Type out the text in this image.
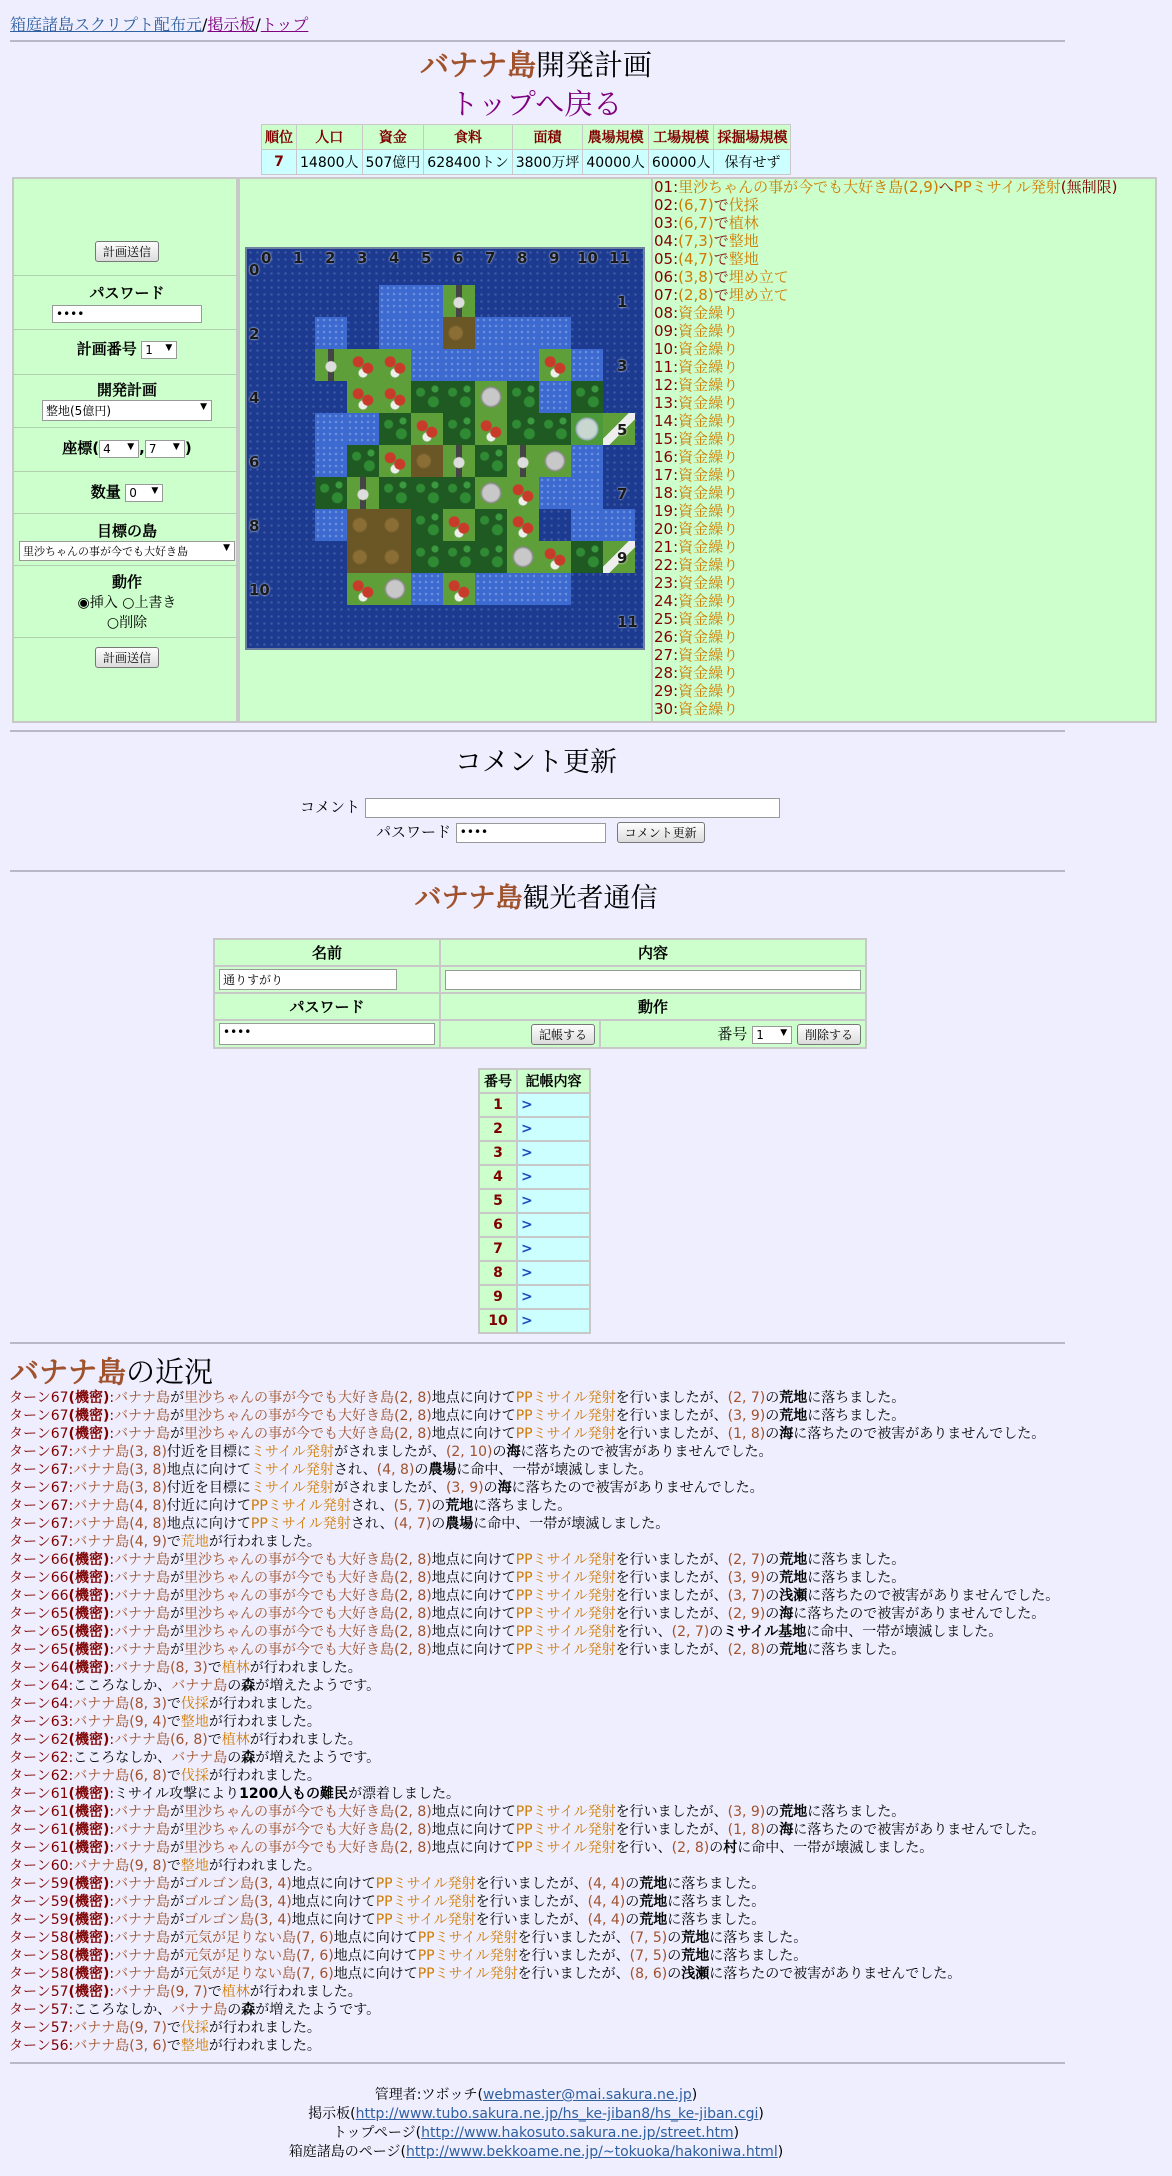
箱庭諸島スクリプト配布元/掲示板/トップ
バナナ島開発計画
トップへ戻る
順位	人口	資金	食料	面積	農場規模	工場規模	採掘場規模
7	14800人	507億円	628400トン	3800万坪	40000人	60000人	保有せず
計画送信
パスワード
••••
計画番号 1 ▼
開発計画
整地(5億円)	▼
座標( 4 ▼ , 7 ▼ )
数量 0 ▼
目標の島
里沙ちゃんの事が今でも大好き島	▼
動作
◉挿入 ○上書き
○削除
計画送信
0 1 2 3 4 5 6 7 8 9 10 11
0
1
2
3
4
5
6
7
8
9
10
11
01:里沙ちゃんの事が今でも大好き島(2,9)へPPミサイル発射(無制限)
02:(6,7)で伐採
03:(6,7)で植林
04:(7,3)で整地
05:(4,7)で整地
06:(3,8)で埋め立て
07:(2,8)で埋め立て
08:資金繰り
09:資金繰り
10:資金繰り
11:資金繰り
12:資金繰り
13:資金繰り
14:資金繰り
15:資金繰り
16:資金繰り
17:資金繰り
18:資金繰り
19:資金繰り
20:資金繰り
21:資金繰り
22:資金繰り
23:資金繰り
24:資金繰り
25:資金繰り
26:資金繰り
27:資金繰り
28:資金繰り
29:資金繰り
30:資金繰り
コメント更新
コメント
パスワード ••••	コメント更新
バナナ島観光者通信
名前	内容	
通りすがり		
パスワード	動作	
••••	記帳する	番号 1 ▼ 削除する
番号	記帳内容
1	>
2	>
3	>
4	>
5	>
6	>
7	>
8	>
9	>
10	>
バナナ島の近況
ターン67(機密):バナナ島が里沙ちゃんの事が今でも大好き島(2, 8)地点に向けてPPミサイル発射を行いましたが、(2, 7)の荒地に落ちました。
ターン67(機密):バナナ島が里沙ちゃんの事が今でも大好き島(2, 8)地点に向けてPPミサイル発射を行いましたが、(3, 9)の荒地に落ちました。
ターン67(機密):バナナ島が里沙ちゃんの事が今でも大好き島(2, 8)地点に向けてPPミサイル発射を行いましたが、(1, 8)の海に落ちたので被害がありませんでした。
ターン67:バナナ島(3, 8)付近を目標にミサイル発射がされましたが、(2, 10)の海に落ちたので被害がありませんでした。
ターン67:バナナ島(3, 8)地点に向けてミサイル発射され、(4, 8)の農場に命中、一帯が壊滅しました。
ターン67:バナナ島(3, 8)付近を目標にミサイル発射がされましたが、(3, 9)の海に落ちたので被害がありませんでした。
ターン67:バナナ島(4, 8)付近に向けてPPミサイル発射され、(5, 7)の荒地に落ちました。
ターン67:バナナ島(4, 8)地点に向けてPPミサイル発射され、(4, 7)の農場に命中、一帯が壊滅しました。
ターン67:バナナ島(4, 9)で荒地が行われました。
ターン66(機密):バナナ島が里沙ちゃんの事が今でも大好き島(2, 8)地点に向けてPPミサイル発射を行いましたが、(2, 7)の荒地に落ちました。
ターン66(機密):バナナ島が里沙ちゃんの事が今でも大好き島(2, 8)地点に向けてPPミサイル発射を行いましたが、(3, 9)の荒地に落ちました。
ターン66(機密):バナナ島が里沙ちゃんの事が今でも大好き島(2, 8)地点に向けてPPミサイル発射を行いましたが、(3, 7)の浅瀬に落ちたので被害がありませんでした。
ターン65(機密):バナナ島が里沙ちゃんの事が今でも大好き島(2, 8)地点に向けてPPミサイル発射を行いましたが、(2, 9)の海に落ちたので被害がありませんでした。
ターン65(機密):バナナ島が里沙ちゃんの事が今でも大好き島(2, 8)地点に向けてPPミサイル発射を行い、(2, 7)のミサイル基地に命中、一帯が壊滅しました。
ターン65(機密):バナナ島が里沙ちゃんの事が今でも大好き島(2, 8)地点に向けてPPミサイル発射を行いましたが、(2, 8)の荒地に落ちました。
ターン64(機密):バナナ島(8, 3)で植林が行われました。
ターン64:こころなしか、バナナ島の森が増えたようです。
ターン64:バナナ島(8, 3)で伐採が行われました。
ターン63:バナナ島(9, 4)で整地が行われました。
ターン62(機密):バナナ島(6, 8)で植林が行われました。
ターン62:こころなしか、バナナ島の森が増えたようです。
ターン62:バナナ島(6, 8)で伐採が行われました。
ターン61(機密):ミサイル攻撃により1200人もの難民が漂着しました。
ターン61(機密):バナナ島が里沙ちゃんの事が今でも大好き島(2, 8)地点に向けてPPミサイル発射を行いましたが、(3, 9)の荒地に落ちました。
ターン61(機密):バナナ島が里沙ちゃんの事が今でも大好き島(2, 8)地点に向けてPPミサイル発射を行いましたが、(1, 8)の海に落ちたので被害がありませんでした。
ターン61(機密):バナナ島が里沙ちゃんの事が今でも大好き島(2, 8)地点に向けてPPミサイル発射を行い、(2, 8)の村に命中、一帯が壊滅しました。
ターン60:バナナ島(9, 8)で整地が行われました。
ターン59(機密):バナナ島がゴルゴン島(3, 4)地点に向けてPPミサイル発射を行いましたが、(4, 4)の荒地に落ちました。
ターン59(機密):バナナ島がゴルゴン島(3, 4)地点に向けてPPミサイル発射を行いましたが、(4, 4)の荒地に落ちました。
ターン59(機密):バナナ島がゴルゴン島(3, 4)地点に向けてPPミサイル発射を行いましたが、(4, 4)の荒地に落ちました。
ターン58(機密):バナナ島が元気が足りない島(7, 6)地点に向けてPPミサイル発射を行いましたが、(7, 5)の荒地に落ちました。
ターン58(機密):バナナ島が元気が足りない島(7, 6)地点に向けてPPミサイル発射を行いましたが、(7, 5)の荒地に落ちました。
ターン58(機密):バナナ島が元気が足りない島(7, 6)地点に向けてPPミサイル発射を行いましたが、(8, 6)の浅瀬に落ちたので被害がありませんでした。
ターン57(機密):バナナ島(9, 7)で植林が行われました。
ターン57:こころなしか、バナナ島の森が増えたようです。
ターン57:バナナ島(9, 7)で伐採が行われました。
ターン56:バナナ島(3, 6)で整地が行われました。
管理者:ツボッチ(webmaster@mai.sakura.ne.jp)
掲示板(http://www.tubo.sakura.ne.jp/hs_ke-jiban8/hs_ke-jiban.cgi)
トップページ(http://www.hakosuto.sakura.ne.jp/street.htm)
箱庭諸島のページ(http://www.bekkoame.ne.jp/~tokuoka/hakoniwa.html)
